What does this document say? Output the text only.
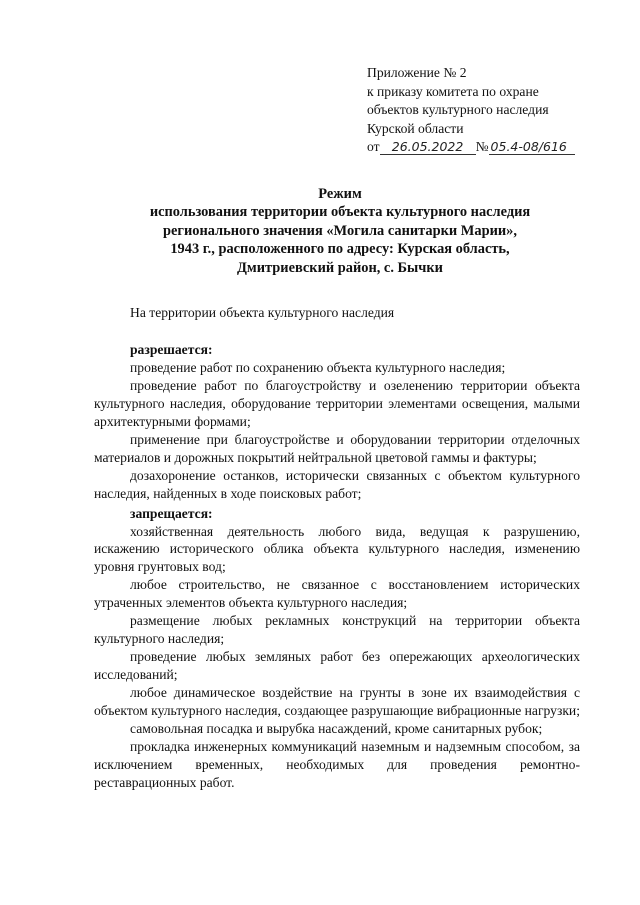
Приложение № 2
к приказу комитета по охране
объектов культурного наследия
Курской области
от 26.05.2022 № 05.4-08/616
Режим
использования территории объекта культурного наследия
регионального значения «Могила санитарки Марии»,
1943 г., расположенного по адресу: Курская область,
Дмитриевский район, с. Бычки
На территории объекта культурного наследия
разрешается:
проведение работ по сохранению объекта культурного наследия;
проведение работ по благоустройству и озеленению территории объекта культурного наследия, оборудование территории элементами освещения, малыми архитектурными формами;
применение при благоустройстве и оборудовании территории отделочных материалов и дорожных покрытий нейтральной цветовой гаммы и фактуры;
дозахоронение останков, исторически связанных с объектом культурного наследия, найденных в ходе поисковых работ;
запрещается:
хозяйственная деятельность любого вида, ведущая к разрушению, искажению исторического облика объекта культурного наследия, изменению уровня грунтовых вод;
любое строительство, не связанное с восстановлением исторических утраченных элементов объекта культурного наследия;
размещение любых рекламных конструкций на территории объекта культурного наследия;
проведение любых земляных работ без опережающих археологических исследований;
любое динамическое воздействие на грунты в зоне их взаимодействия с объектом культурного наследия, создающее разрушающие вибрационные нагрузки;
самовольная посадка и вырубка насаждений, кроме санитарных рубок;
прокладка инженерных коммуникаций наземным и надземным способом, за исключением временных, необходимых для проведения ремонтно-реставрационных работ.
